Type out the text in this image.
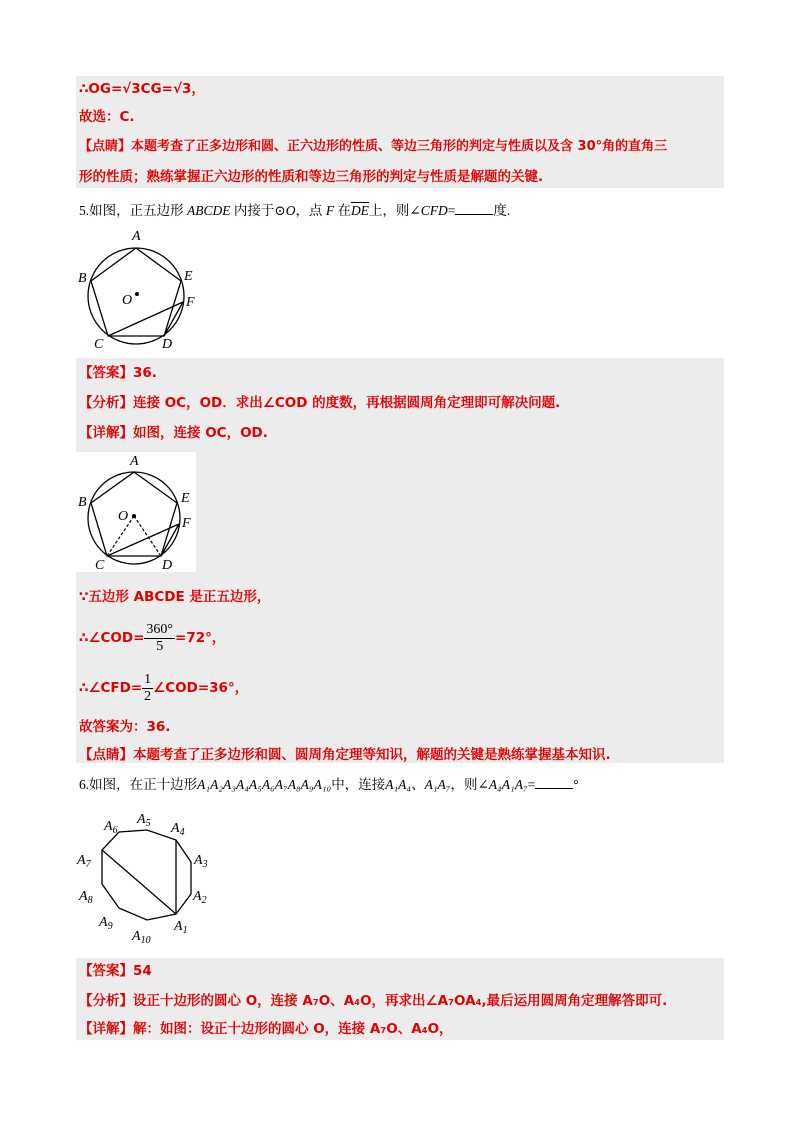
∴OG=√3CG=√3，
故选：C.
【点睛】本题考查了正多边形和圆、正六边形的性质、等边三角形的判定与性质以及含 30°角的直角三
形的性质；熟练掌握正六边形的性质和等边三角形的判定与性质是解题的关键.
5.如图，正五边形 ABCDE 内接于⊙O，点 F 在$\overline{DE}$上，则∠CFD=	度.
A
B
C	D
E
F
O
【答案】36.
【分析】连接 OC，OD．求出∠COD 的度数，再根据圆周角定理即可解决问题.
【详解】如图，连接 OC，OD.
A
B
C	D
E
F
O
∵五边形 ABCDE 是正五边形，
∴∠COD= $\frac{360^\circ}{5} =72^\circ$，
∴∠CFD= $\frac{1}{2}$ ∠COD=36°，
故答案为：36.
【点睛】本题考查了正多边形和圆、圆周角定理等知识，解题的关键是熟练掌握基本知识.
6.如图，在正十边形A₁A₂A₃A₄A₅A₆A₇A₈A₉A₁₀中，连接A₁A₄、A₁A₇，则∠A₄A₁A₇=	°
$A_1$
$A_2$
$A_3$
$A_4$
$A_5$
$A_6$
$A_7$
$A_8$
$A_9$
$A_{10}$
【答案】54
【分析】设正十边形的圆心 O，连接 A₇O、A₄O，再求出∠A₇OA₄,最后运用圆周角定理解答即可.
【详解】解：如图：设正十边形的圆心 O，连接 A₇O、A₄O，
